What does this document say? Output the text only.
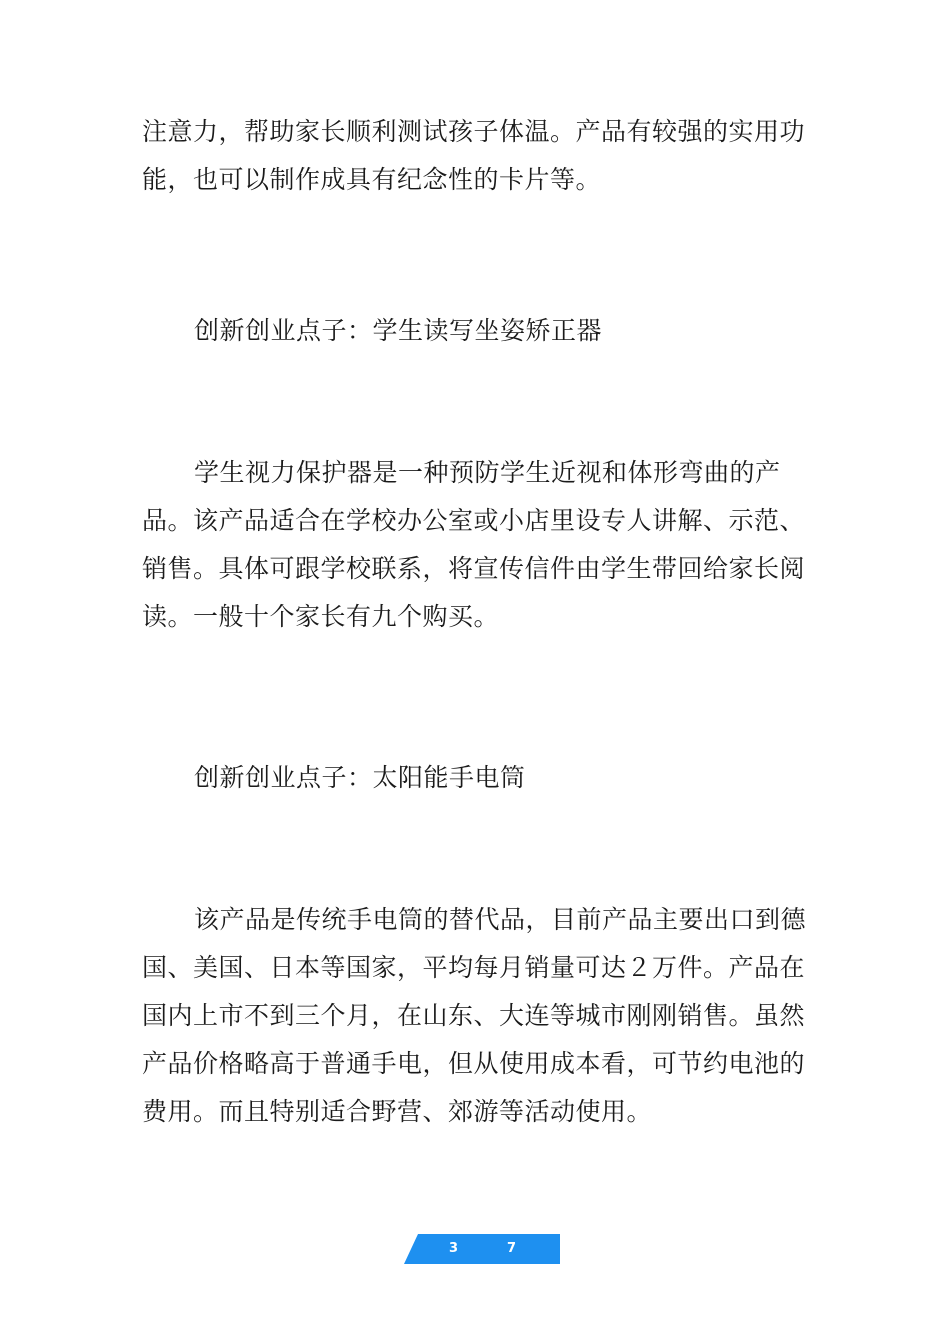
注意力，帮助家长顺利测试孩子体温。产品有较强的实用功能，也可以制作成具有纪念性的卡片等。

创新创业点子：学生读写坐姿矫正器

学生视力保护器是一种预防学生近视和体形弯曲的产品。该产品适合在学校办公室或小店里设专人讲解、示范、销售。具体可跟学校联系，将宣传信件由学生带回给家长阅读。一般十个家长有九个购买。

创新创业点子：太阳能手电筒

该产品是传统手电筒的替代品，目前产品主要出口到德国、美国、日本等国家，平均每月销量可达２万件。产品在国内上市不到三个月，在山东、大连等城市刚刚销售。虽然产品价格略高于普通手电，但从使用成本看，可节约电池的费用。而且特别适合野营、郊游等活动使用。

3	7
